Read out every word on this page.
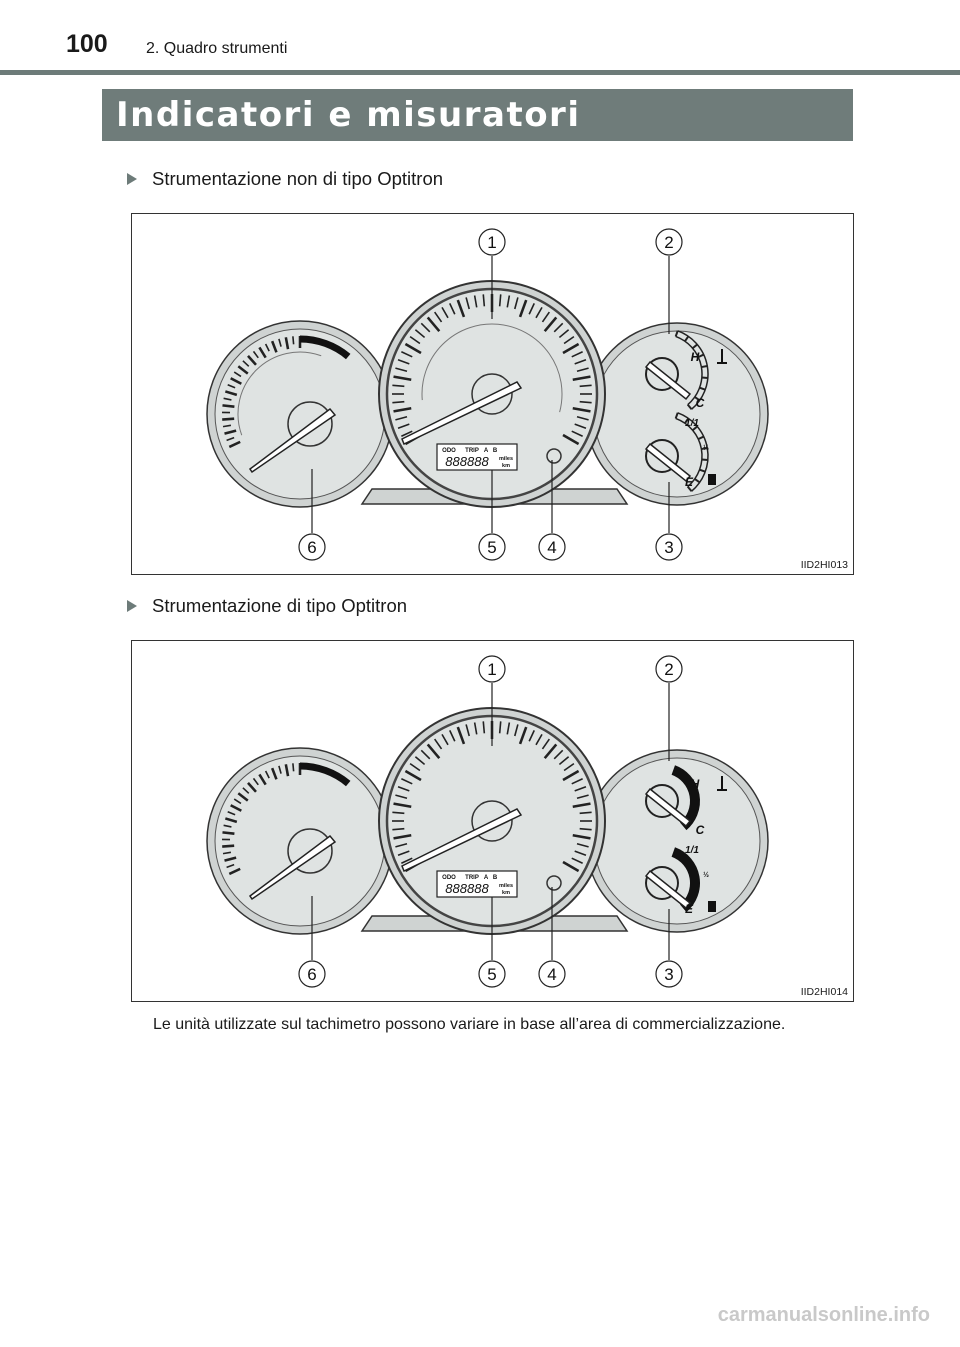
100 2. Quadro strumenti
Indicatori e misuratori
Strumentazione non di tipo Optitron
ODO TRIP A B
888888 miles
km
H
C
1/1
½
E
1	2
3
4
5
6
IID2HI013
Strumentazione di tipo Optitron
ODO TRIP A B
888888 miles
km
H
C
1/1
½
E
1	2
3
4
5
6
IID2HI014
Le unità utilizzate sul tachimetro possono variare in base all’area di commercializzazione.
carmanualsonline.info
